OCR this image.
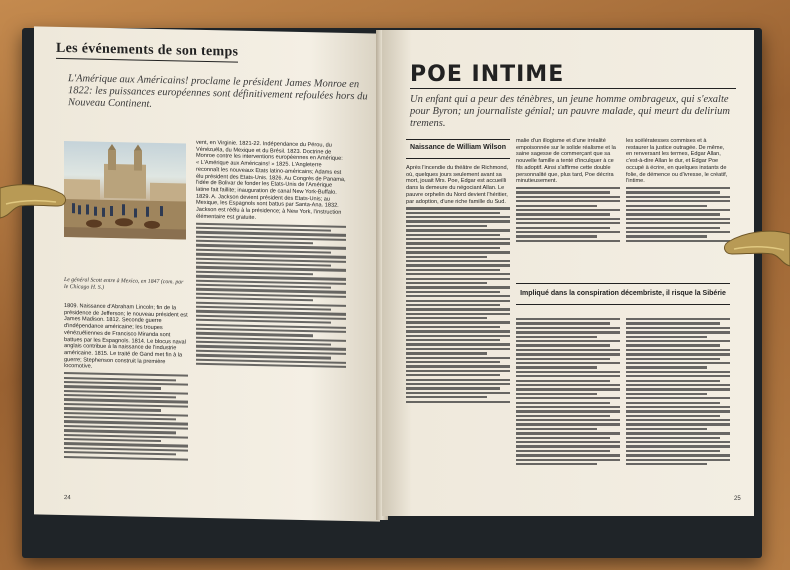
Les événements de son temps
L'Amérique aux Américains! proclame le président James Monroe en 1822: les puissances européennes sont définitivement refoulées hors du Nouveau Continent.
Le général Scott entre à Mexico, en 1847 (com. par le Chicago H. S.)
1809. Naissance d'Abraham Lincoln; fin de la présidence de Jefferson; le nouveau président est James Madison. 1812. Seconde guerre d'indépendance américaine; les troupes vénézuéliennes de Francisco Miranda sont battues par les Espagnols. 1814. Le blocus naval anglais contribue à la naissance de l'industrie américaine. 1815. Le traité de Gand met fin à la guerre; Stephenson construit la première locomotive.
vent, en Virginie. 1821-22. Indépendance du Pérou, du Vénézuéla, du Mexique et du Brésil. 1823. Doctrine de Monroe contre les interventions européennes en Amérique: « L'Amérique aux Américains! » 1825. L'Angleterre reconnaît les nouveaux Etats latino-américains; Adams est élu président des Etats-Unis. 1826. Au Congrès de Panama, l'idée de Bolivar de fonder les Etats-Unis de l'Amérique latine fait faillite; inauguration de canal New York-Buffalo. 1829. A. Jackson devient président des Etats-Unis; au Mexique, les Espagnols sont battus par Santa-Ana. 1832. Jackson est réélu à la présidence; à New York, l'instruction élémentaire est gratuite.
24
POE INTIME
Un enfant qui a peur des ténèbres, un jeune homme ombrageux, qui s'exalte pour Byron; un journaliste génial; un pauvre malade, qui meurt du delirium tremens.
Naissance de William Wilson
Après l'incendie du théâtre de Richmond, où, quelques jours seulement avant sa mort, jouait Mrs. Poe, Edgar est accueilli dans la demeure du négociant Allan. Le pauvre orphelin du Nord devient l'héritier, par adoption, d'une riche famille du Sud.
malie d'un illogisme et d'une irréalité empoisonnée sur le solide réalisme et la saine sagesse de commerçant que sa nouvelle famille a tenté d'inculquer à ce fils adoptif. Ainsi s'affirme cette double personnalité que, plus tard, Poe décrira minutieusement.
Impliqué dans la conspiration décembriste, il risque la Sibérie
les scélératesses commises et à restaurer la justice outragée. De même, en renversant les termes, Edgar Allan, c'est-à-dire Allan le dur, et Edgar Poe occupé à écrire, en quelques instants de folie, de démence ou d'ivresse, le créatif, l'intime.
25
